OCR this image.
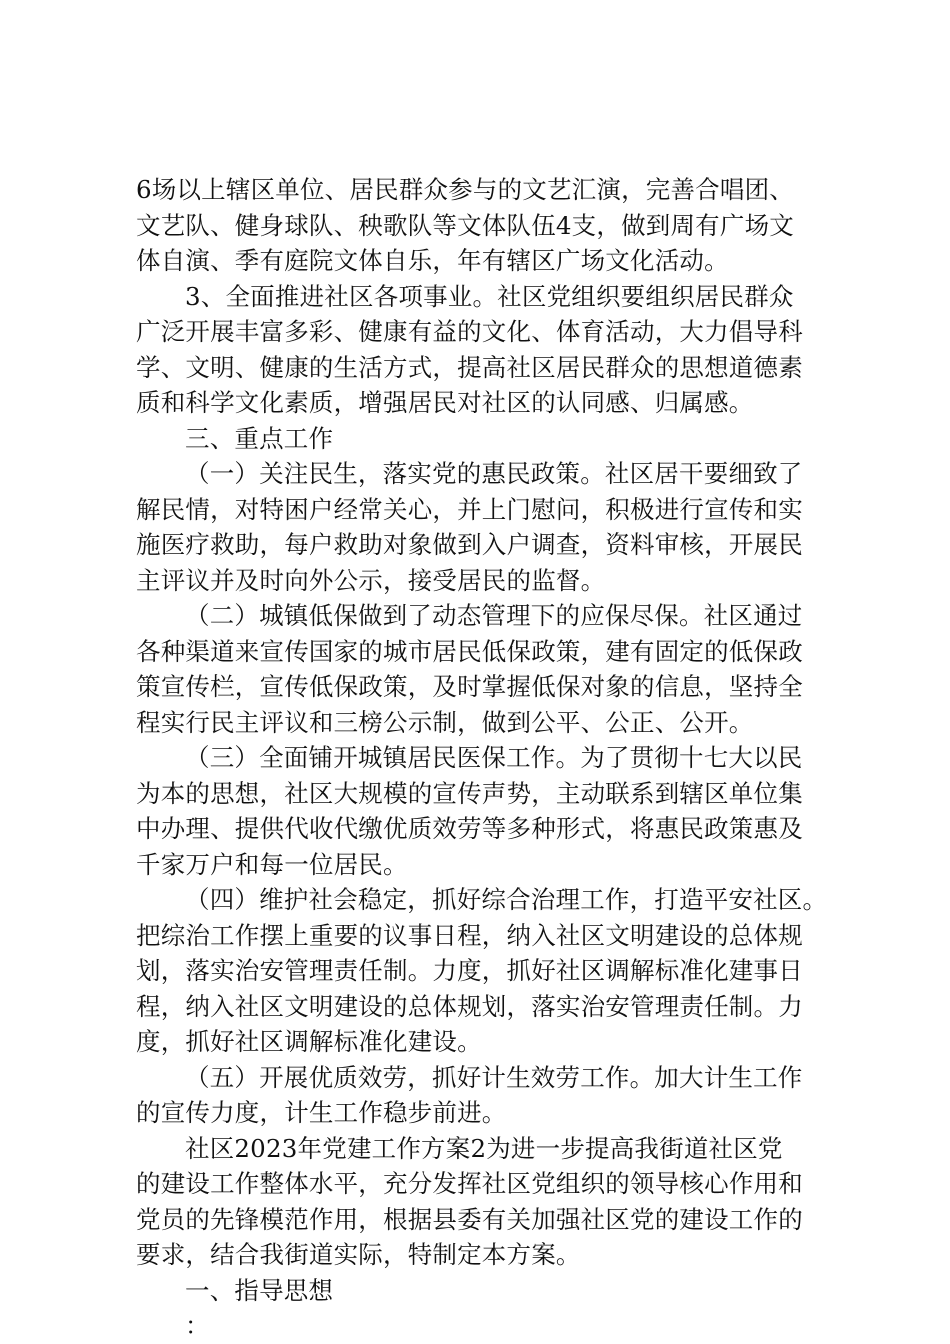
6场以上辖区单位、居民群众参与的文艺汇演，完善合唱团、
文艺队、健身球队、秧歌队等文体队伍4支，做到周有广场文
体自演、季有庭院文体自乐，年有辖区广场文化活动。
3、全面推进社区各项事业。社区党组织要组织居民群众
广泛开展丰富多彩、健康有益的文化、体育活动，大力倡导科
学、文明、健康的生活方式，提高社区居民群众的思想道德素
质和科学文化素质，增强居民对社区的认同感、归属感。
三、重点工作
（一）关注民生，落实党的惠民政策。社区居干要细致了
解民情，对特困户经常关心，并上门慰问，积极进行宣传和实
施医疗救助，每户救助对象做到入户调查，资料审核，开展民
主评议并及时向外公示，接受居民的监督。
（二）城镇低保做到了动态管理下的应保尽保。社区通过
各种渠道来宣传国家的城市居民低保政策，建有固定的低保政
策宣传栏，宣传低保政策，及时掌握低保对象的信息，坚持全
程实行民主评议和三榜公示制，做到公平、公正、公开。
（三）全面铺开城镇居民医保工作。为了贯彻十七大以民
为本的思想，社区大规模的宣传声势，主动联系到辖区单位集
中办理、提供代收代缴优质效劳等多种形式，将惠民政策惠及
千家万户和每一位居民。
（四）维护社会稳定，抓好综合治理工作，打造平安社区。
把综治工作摆上重要的议事日程，纳入社区文明建设的总体规
划，落实治安管理责任制。力度，抓好社区调解标准化建事日
程，纳入社区文明建设的总体规划，落实治安管理责任制。力
度，抓好社区调解标准化建设。
（五）开展优质效劳，抓好计生效劳工作。加大计生工作
的宣传力度，计生工作稳步前进。
社区2023年党建工作方案2为进一步提高我街道社区党
的建设工作整体水平，充分发挥社区党组织的领导核心作用和
党员的先锋模范作用，根据县委有关加强社区党的建设工作的
要求，结合我街道实际，特制定本方案。
一、指导思想
：
